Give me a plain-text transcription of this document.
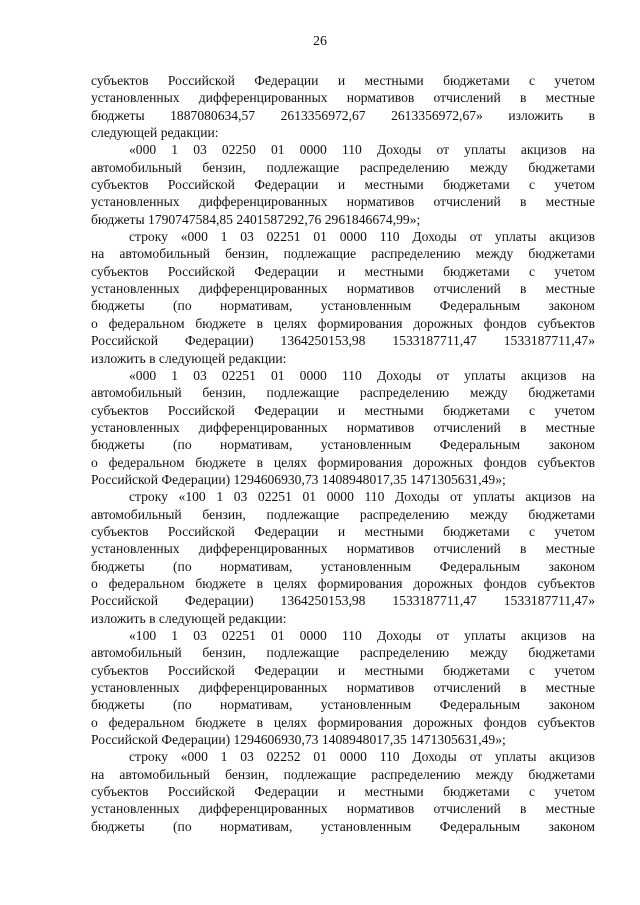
26
субъектов Российской Федерации и местными бюджетами с учетом
установленных дифференцированных нормативов отчислений в местные
бюджеты 1887080634,57 2613356972,67 2613356972,67» изложить в
следующей редакции:
«000 1 03 02250 01 0000 110 Доходы от уплаты акцизов на
автомобильный бензин, подлежащие распределению между бюджетами
субъектов Российской Федерации и местными бюджетами с учетом
установленных дифференцированных нормативов отчислений в местные
бюджеты 1790747584,85 2401587292,76 2961846674,99»;
строку «000 1 03 02251 01 0000 110 Доходы от уплаты акцизов
на автомобильный бензин, подлежащие распределению между бюджетами
субъектов Российской Федерации и местными бюджетами с учетом
установленных дифференцированных нормативов отчислений в местные
бюджеты (по нормативам, установленным Федеральным законом
о федеральном бюджете в целях формирования дорожных фондов субъектов
Российской Федерации) 1364250153,98 1533187711,47 1533187711,47»
изложить в следующей редакции:
«000 1 03 02251 01 0000 110 Доходы от уплаты акцизов на
автомобильный бензин, подлежащие распределению между бюджетами
субъектов Российской Федерации и местными бюджетами с учетом
установленных дифференцированных нормативов отчислений в местные
бюджеты (по нормативам, установленным Федеральным законом
о федеральном бюджете в целях формирования дорожных фондов субъектов
Российской Федерации) 1294606930,73 1408948017,35 1471305631,49»;
строку «100 1 03 02251 01 0000 110 Доходы от уплаты акцизов на
автомобильный бензин, подлежащие распределению между бюджетами
субъектов Российской Федерации и местными бюджетами с учетом
установленных дифференцированных нормативов отчислений в местные
бюджеты (по нормативам, установленным Федеральным законом
о федеральном бюджете в целях формирования дорожных фондов субъектов
Российской Федерации) 1364250153,98 1533187711,47 1533187711,47»
изложить в следующей редакции:
«100 1 03 02251 01 0000 110 Доходы от уплаты акцизов на
автомобильный бензин, подлежащие распределению между бюджетами
субъектов Российской Федерации и местными бюджетами с учетом
установленных дифференцированных нормативов отчислений в местные
бюджеты (по нормативам, установленным Федеральным законом
о федеральном бюджете в целях формирования дорожных фондов субъектов
Российской Федерации) 1294606930,73 1408948017,35 1471305631,49»;
строку «000 1 03 02252 01 0000 110 Доходы от уплаты акцизов
на автомобильный бензин, подлежащие распределению между бюджетами
субъектов Российской Федерации и местными бюджетами с учетом
установленных дифференцированных нормативов отчислений в местные
бюджеты (по нормативам, установленным Федеральным законом
